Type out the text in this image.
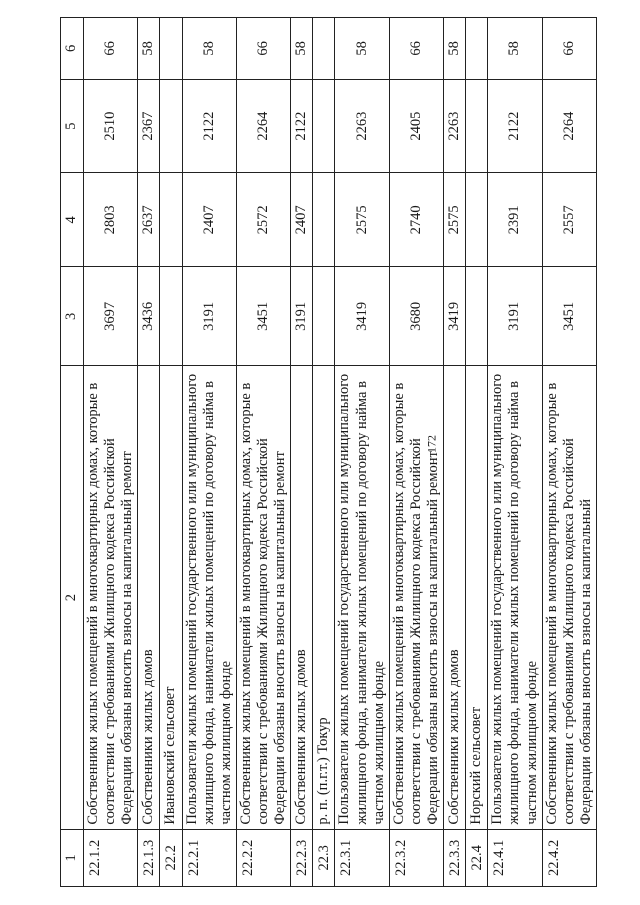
172
1	2	3	4	5	6
22.1.2	Собственники жилых помещений в многоквартирных домах, которые в соответствии с требованиями Жилищного кодекса Российской Федерации обязаны вносить взносы на капитальный ремонт	3697	2803	2510	66
22.1.3	Собственники жилых домов	3436	2637	2367	58
22.2	Ивановский сельсовет				
22.2.1	Пользователи жилых помещений государственного или муниципального жилищного фонда, наниматели жилых помещений по договору найма в частном жилищном фонде	3191	2407	2122	58
22.2.2	Собственники жилых помещений в многоквартирных домах, которые в соответствии с требованиями Жилищного кодекса Российской Федерации обязаны вносить взносы на капитальный ремонт	3451	2572	2264	66
22.2.3	Собственники жилых домов	3191	2407	2122	58
22.3	р. п. (п.г.т.) Токур				
22.3.1	Пользователи жилых помещений государственного или муниципального жилищного фонда, наниматели жилых помещений по договору найма в частном жилищном фонде	3419	2575	2263	58
22.3.2	Собственники жилых помещений в многоквартирных домах, которые в соответствии с требованиями Жилищного кодекса Российской Федерации обязаны вносить взносы на капитальный ремонт	3680	2740	2405	66
22.3.3	Собственники жилых домов	3419	2575	2263	58
22.4	Норский сельсовет				
22.4.1	Пользователи жилых помещений государственного или муниципального жилищного фонда, наниматели жилых помещений по договору найма в частном жилищном фонде	3191	2391	2122	58
22.4.2	Собственники жилых помещений в многоквартирных домах, которые в соответствии с требованиями Жилищного кодекса Российской Федерации обязаны вносить взносы на капитальный	3451	2557	2264	66
